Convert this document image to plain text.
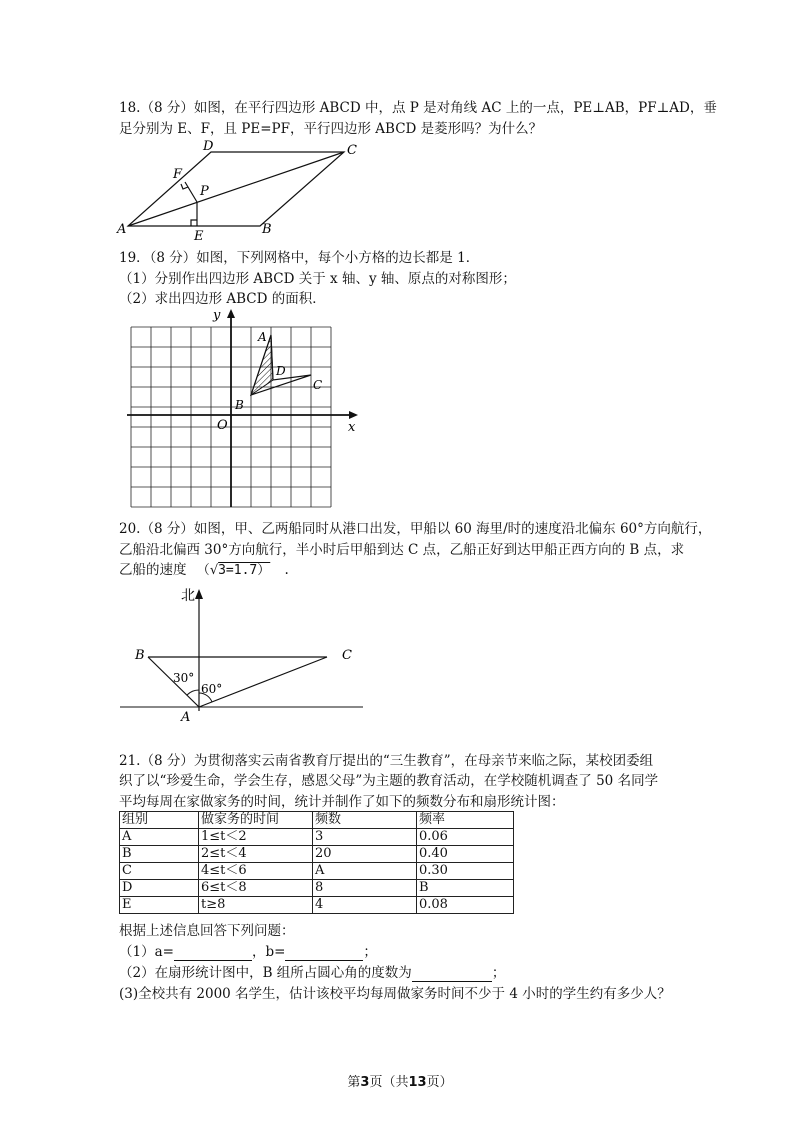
18.（8 分）如图，在平行四边形 ABCD 中，点 P 是对角线 AC 上的一点，PE⊥AB，PF⊥AD，垂
足分别为 E、F，且 PE=PF，平行四边形 ABCD 是菱形吗？为什么？
A	B
C
D
E
F
P
19．（8 分）如图，下列网格中，每个小方格的边长都是 1．
（1）分别作出四边形 ABCD 关于 x 轴、y 轴、原点的对称图形；
（2）求出四边形 ABCD 的面积．
y
x
O
A
B
C
D
20.（8 分）如图，甲、乙两船同时从港口出发，甲船以 60 海里/时的速度沿北偏东 60°方向航行，
乙船沿北偏西 30°方向航行，半小时后甲船到达 C 点，乙船正好到达甲船正西方向的 B 点，求
乙船的速度 （√3=1.7） .
北
B	C
A
30°
60°
21.（8 分）为贯彻落实云南省教育厅提出的“三生教育”，在母亲节来临之际，某校团委组
织了以“珍爱生命，学会生存，感恩父母”为主题的教育活动，在学校随机调查了 50 名同学
平均每周在家做家务的时间，统计并制作了如下的频数分布和扇形统计图：
组别	做家务的时间	频数	频率
A	1≤t＜2	3	0.06
B	2≤t＜4	20	0.40
C	4≤t＜6	A	0.30
D	6≤t＜8	8	B
E	t≥8	4	0.08
根据上述信息回答下列问题：
（1）a=	，b=	；
（2）在扇形统计图中，B 组所占圆心角的度数为	；
(3)全校共有 2000 名学生，估计该校平均每周做家务时间不少于 4 小时的学生约有多少人？
第3页（共13页）
